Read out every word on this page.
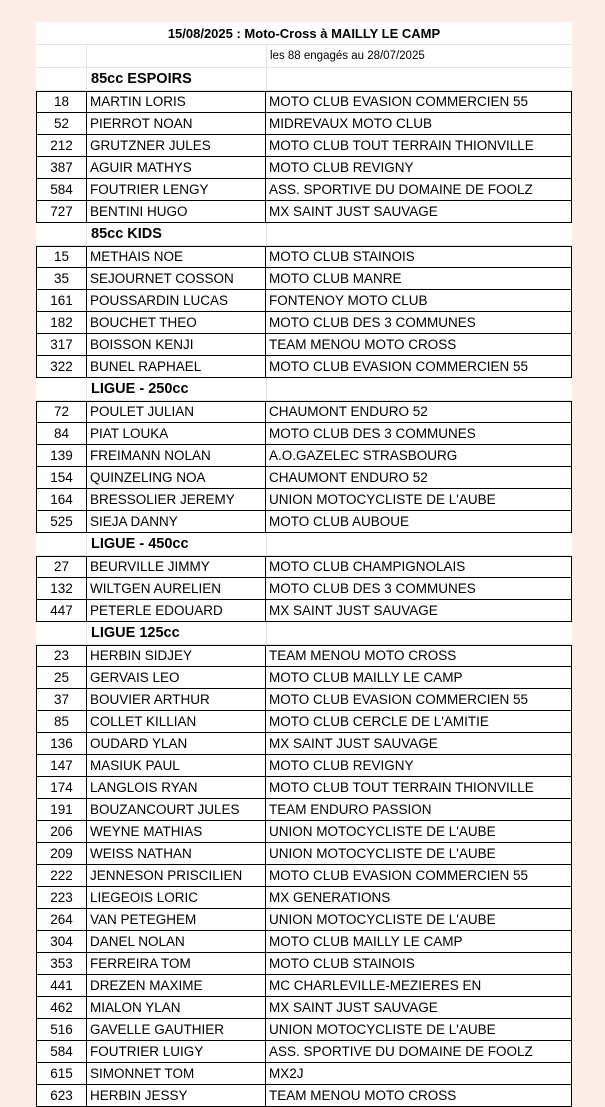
15/08/2025 : Moto-Cross à MAILLY LE CAMP
les 88 engagés au 28/07/2025
85cc ESPOIRS
18	MARTIN LORIS	MOTO CLUB EVASION COMMERCIEN 55
52	PIERROT NOAN	MIDREVAUX MOTO CLUB
212	GRUTZNER JULES	MOTO CLUB TOUT TERRAIN THIONVILLE
387	AGUIR MATHYS	MOTO CLUB REVIGNY
584	FOUTRIER LENGY	ASS. SPORTIVE DU DOMAINE DE FOOLZ
727	BENTINI HUGO	MX SAINT JUST SAUVAGE
85cc KIDS
15	METHAIS NOE	MOTO CLUB STAINOIS
35	SEJOURNET COSSON	MOTO CLUB MANRE
161	POUSSARDIN LUCAS	FONTENOY MOTO CLUB
182	BOUCHET THEO	MOTO CLUB DES 3 COMMUNES
317	BOISSON KENJI	TEAM MENOU MOTO CROSS
322	BUNEL RAPHAEL	MOTO CLUB EVASION COMMERCIEN 55
LIGUE - 250cc
72	POULET JULIAN	CHAUMONT ENDURO 52
84	PIAT LOUKA	MOTO CLUB DES 3 COMMUNES
139	FREIMANN NOLAN	A.O.GAZELEC STRASBOURG
154	QUINZELING NOA	CHAUMONT ENDURO 52
164	BRESSOLIER JEREMY	UNION MOTOCYCLISTE DE L'AUBE
525	SIEJA DANNY	MOTO CLUB AUBOUE
LIGUE - 450cc
27	BEURVILLE JIMMY	MOTO CLUB CHAMPIGNOLAIS
132	WILTGEN AURELIEN	MOTO CLUB DES 3 COMMUNES
447	PETERLE EDOUARD	MX SAINT JUST SAUVAGE
LIGUE 125cc
23	HERBIN SIDJEY	TEAM MENOU MOTO CROSS
25	GERVAIS LEO	MOTO CLUB MAILLY LE CAMP
37	BOUVIER ARTHUR	MOTO CLUB EVASION COMMERCIEN 55
85	COLLET KILLIAN	MOTO CLUB CERCLE DE L'AMITIE
136	OUDARD YLAN	MX SAINT JUST SAUVAGE
147	MASIUK PAUL	MOTO CLUB REVIGNY
174	LANGLOIS RYAN	MOTO CLUB TOUT TERRAIN THIONVILLE
191	BOUZANCOURT JULES	TEAM ENDURO PASSION
206	WEYNE MATHIAS	UNION MOTOCYCLISTE DE L'AUBE
209	WEISS NATHAN	UNION MOTOCYCLISTE DE L'AUBE
222	JENNESON PRISCILIEN	MOTO CLUB EVASION COMMERCIEN 55
223	LIEGEOIS LORIC	MX GENERATIONS
264	VAN PETEGHEM	UNION MOTOCYCLISTE DE L'AUBE
304	DANEL NOLAN	MOTO CLUB MAILLY LE CAMP
353	FERREIRA TOM	MOTO CLUB STAINOIS
441	DREZEN MAXIME	MC CHARLEVILLE-MEZIERES EN
462	MIALON YLAN	MX SAINT JUST SAUVAGE
516	GAVELLE GAUTHIER	UNION MOTOCYCLISTE DE L'AUBE
584	FOUTRIER LUIGY	ASS. SPORTIVE DU DOMAINE DE FOOLZ
615	SIMONNET TOM	MX2J
623	HERBIN JESSY	TEAM MENOU MOTO CROSS
